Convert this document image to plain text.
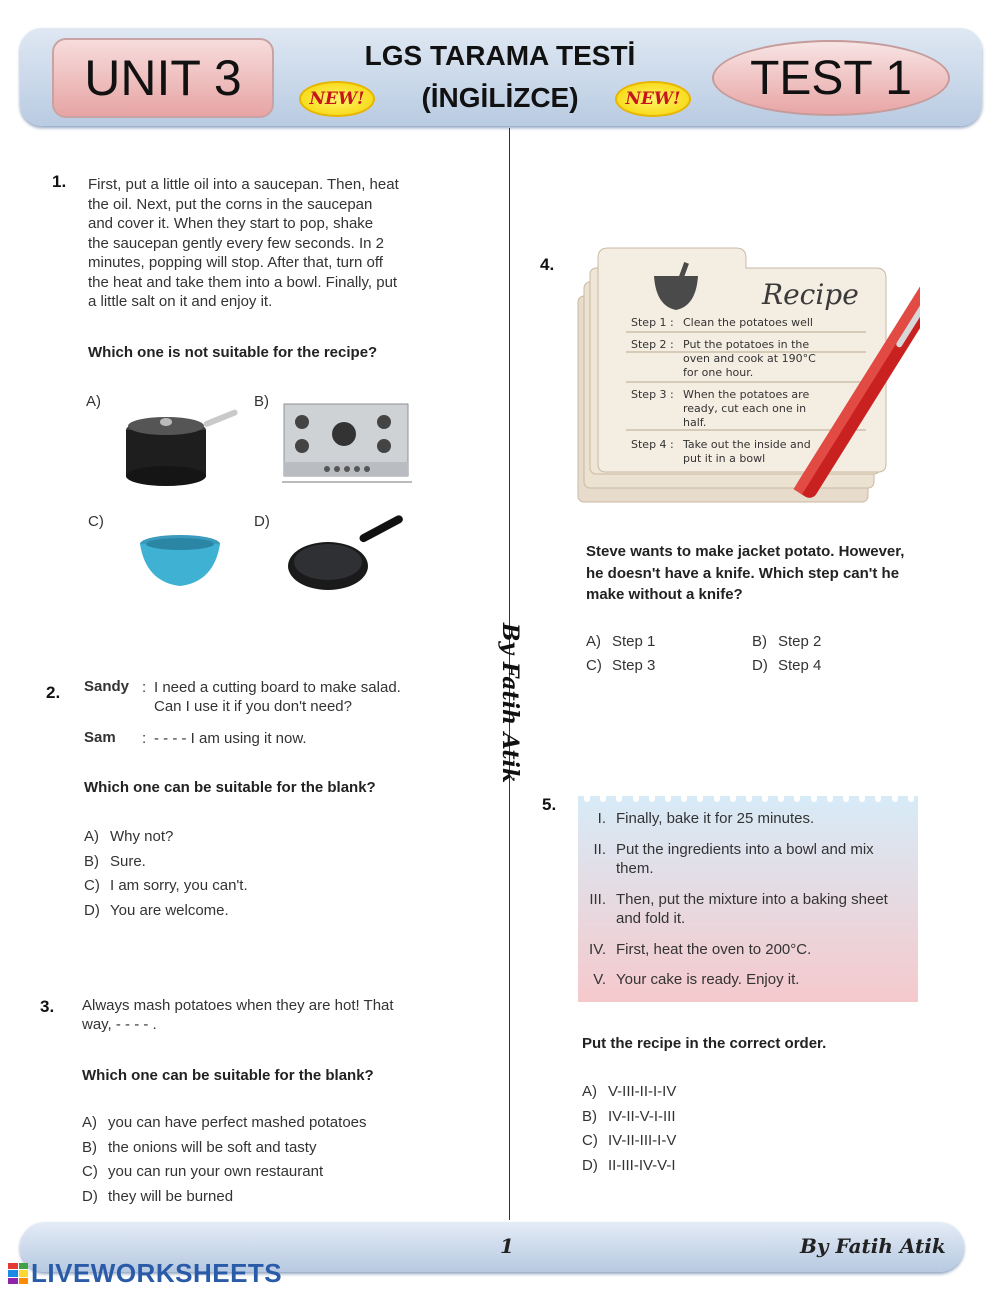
UNIT 3	LGS TARAMA TESTİ
(İNGİLİZCE)
NEW!	NEW!	TEST 1
By Fatih Atik
1. First, put a little oil into a saucepan. Then, heat
the oil. Next, put the corns in the saucepan
and cover it. When they start to pop, shake
the saucepan gently every few seconds. In 2
minutes, popping will stop. After that, turn off
the heat and take them into a bowl. Finally, put
a little salt on it and enjoy it.
Which one is not suitable for the recipe?
A)	B)
C)	D)
2. Sandy : I need a cutting board to make salad.
Can I use it if you don't need?
Sam : - - - - I am using it now.
Which one can be suitable for the blank?
A) Why not?
B) Sure.
C) I am sorry, you can't.
D) You are welcome.
3. Always mash potatoes when they are hot! That
way, - - - - .
Which one can be suitable for the blank?
A) you can have perfect mashed potatoes
B) the onions will be soft and tasty
C) you can run your own restaurant
D) they will be burned
4.
Recipe
Step 1 : Clean the potatoes well
Step 2 : Put the potatoes in the
oven and cook at 190°C
for one hour.
Step 3 : When the potatoes are
ready, cut each one in
half.
Step 4 : Take out the inside and
put it in a bowl
Steve wants to make jacket potato. However,
he doesn't have a knife. Which step can't he
make without a knife?
A) Step 1	B) Step 2
C) Step 3	D) Step 4
5.
I. Finally, bake it for 25 minutes.
II. Put the ingredients into a bowl and mix
them.
III. Then, put the mixture into a baking sheet
and fold it.
IV. First, heat the oven to 200°C.
V. Your cake is ready. Enjoy it.
Put the recipe in the correct order.
A) V-III-II-I-IV
B) IV-II-V-I-III
C) IV-II-III-I-V
D) II-III-IV-V-I
1	By Fatih Atik
LIVEWORKSHEETS
